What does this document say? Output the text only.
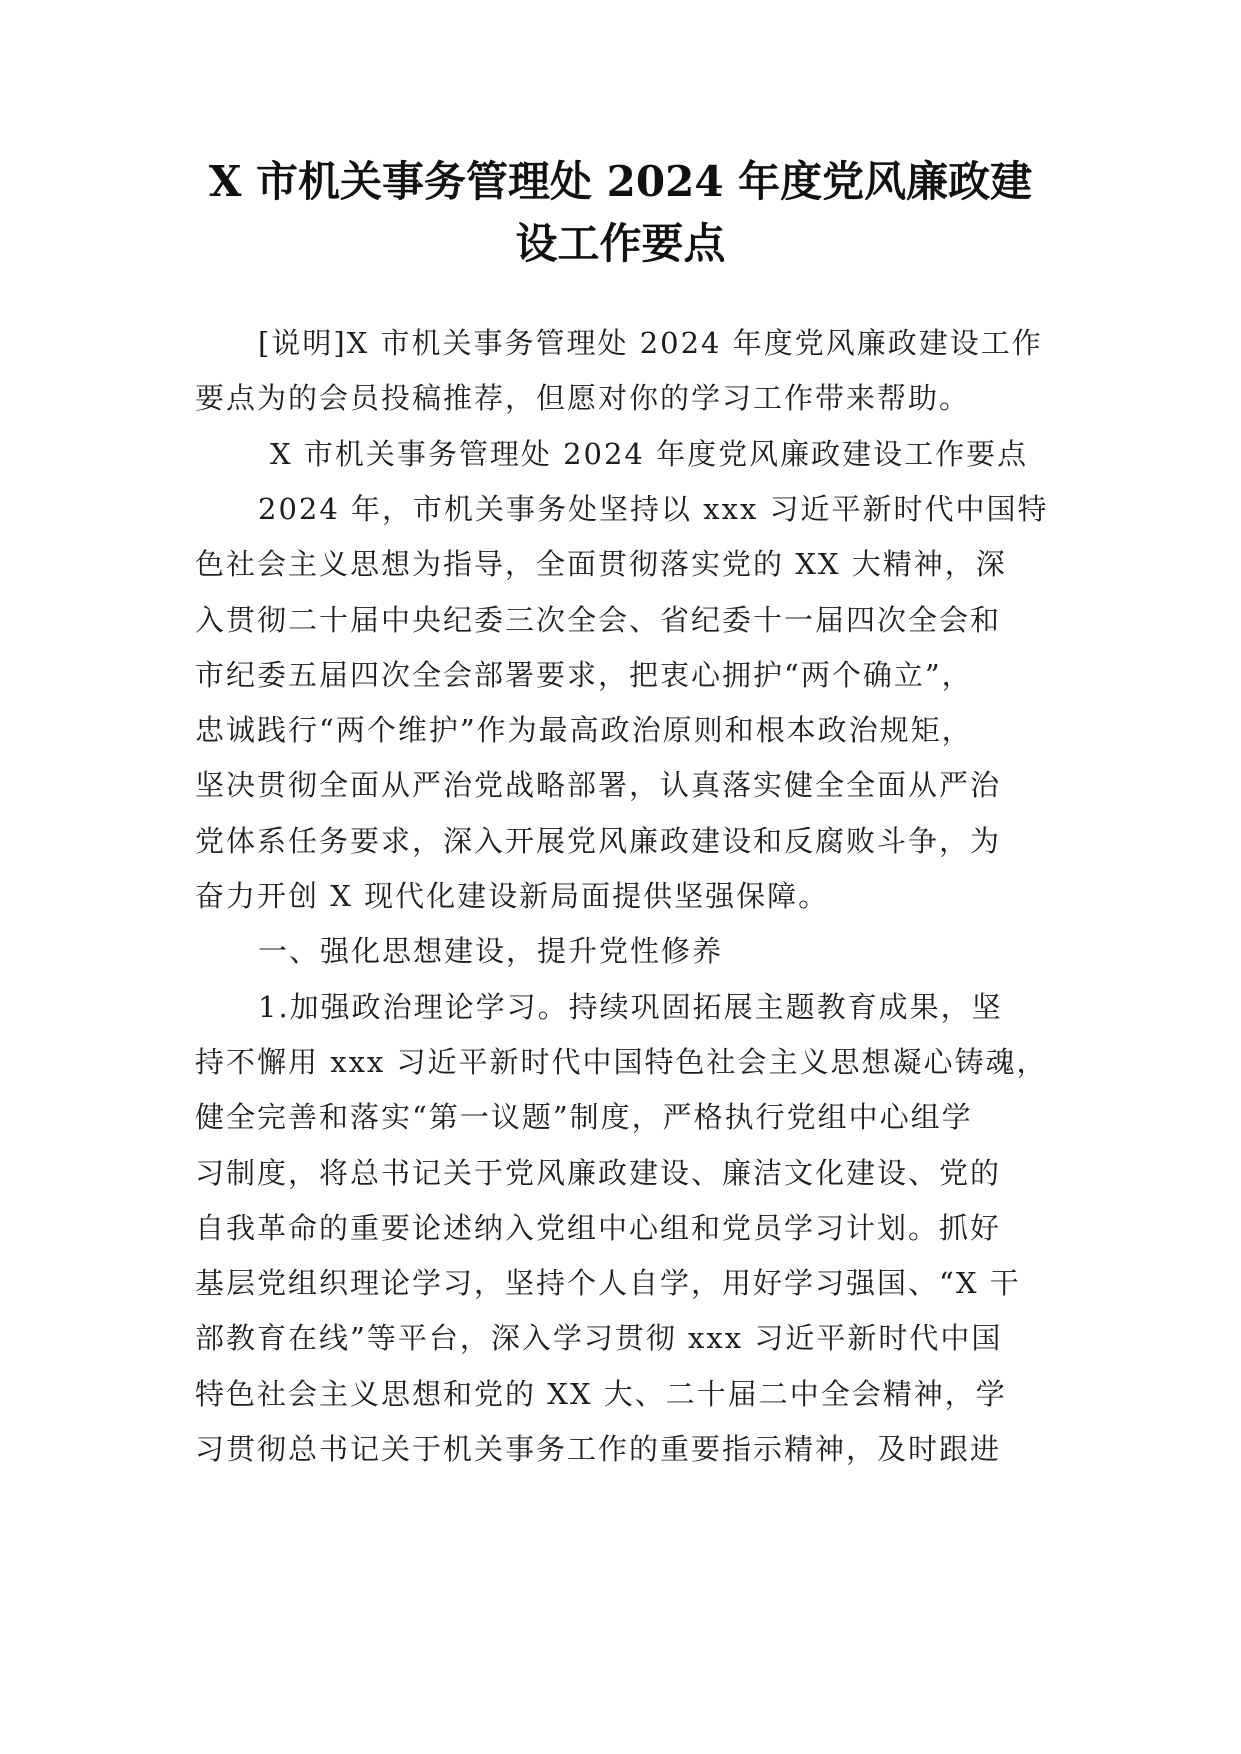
X 市机关事务管理处 2024 年度党风廉政建
设工作要点

[说明]X 市机关事务管理处 2024 年度党风廉政建设工作

要点为的会员投稿推荐，但愿对你的学习工作带来帮助。

X 市机关事务管理处 2024 年度党风廉政建设工作要点

2024 年，市机关事务处坚持以 xxx 习近平新时代中国特

色社会主义思想为指导，全面贯彻落实党的 XX 大精神，深

入贯彻二十届中央纪委三次全会、省纪委十一届四次全会和

市纪委五届四次全会部署要求，把衷心拥护“两个确立”，

忠诚践行“两个维护”作为最高政治原则和根本政治规矩，

坚决贯彻全面从严治党战略部署，认真落实健全全面从严治

党体系任务要求，深入开展党风廉政建设和反腐败斗争，为

奋力开创 X 现代化建设新局面提供坚强保障。

一、强化思想建设，提升党性修养

1.加强政治理论学习。持续巩固拓展主题教育成果，坚

持不懈用 xxx 习近平新时代中国特色社会主义思想凝心铸魂，

健全完善和落实“第一议题”制度，严格执行党组中心组学

习制度，将总书记关于党风廉政建设、廉洁文化建设、党的

自我革命的重要论述纳入党组中心组和党员学习计划。抓好

基层党组织理论学习，坚持个人自学，用好学习强国、“X 干

部教育在线”等平台，深入学习贯彻 xxx 习近平新时代中国

特色社会主义思想和党的 XX 大、二十届二中全会精神，学

习贯彻总书记关于机关事务工作的重要指示精神，及时跟进
